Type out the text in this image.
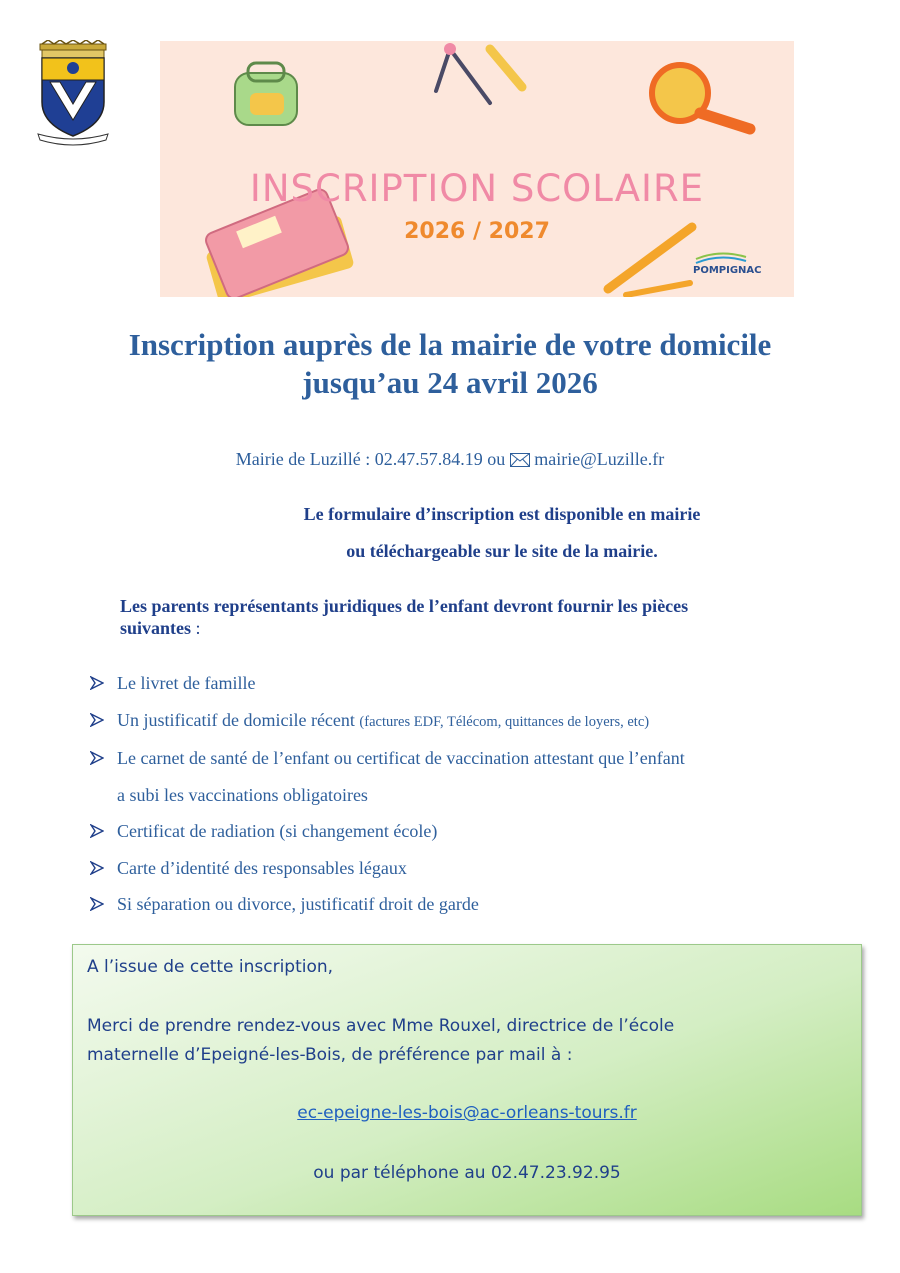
INSCRIPTION SCOLAIRE
2026 / 2027
POMPIGNAC
Inscription auprès de la mairie de votre domicile
jusqu’au 24 avril 2026
Mairie de Luzillé : 02.47.57.84.19 ou mairie@Luzille.fr
Le formulaire d’inscription est disponible en mairie
ou téléchargeable sur le site de la mairie.
Les parents représentants juridiques de l’enfant devront fournir les pièces suivantes :
Le livret de famille
Un justificatif de domicile récent (factures EDF, Télécom, quittances de loyers, etc)
Le carnet de santé de l’enfant ou certificat de vaccination attestant que l’enfant
a subi les vaccinations obligatoires
Certificat de radiation (si changement école)
Carte d’identité des responsables légaux
Si séparation ou divorce, justificatif droit de garde
A l’issue de cette inscription,
Merci de prendre rendez-vous avec Mme Rouxel, directrice de l’école
maternelle d’Epeigné-les-Bois, de préférence par mail à :
ec-epeigne-les-bois@ac-orleans-tours.fr
ou par téléphone au 02.47.23.92.95
